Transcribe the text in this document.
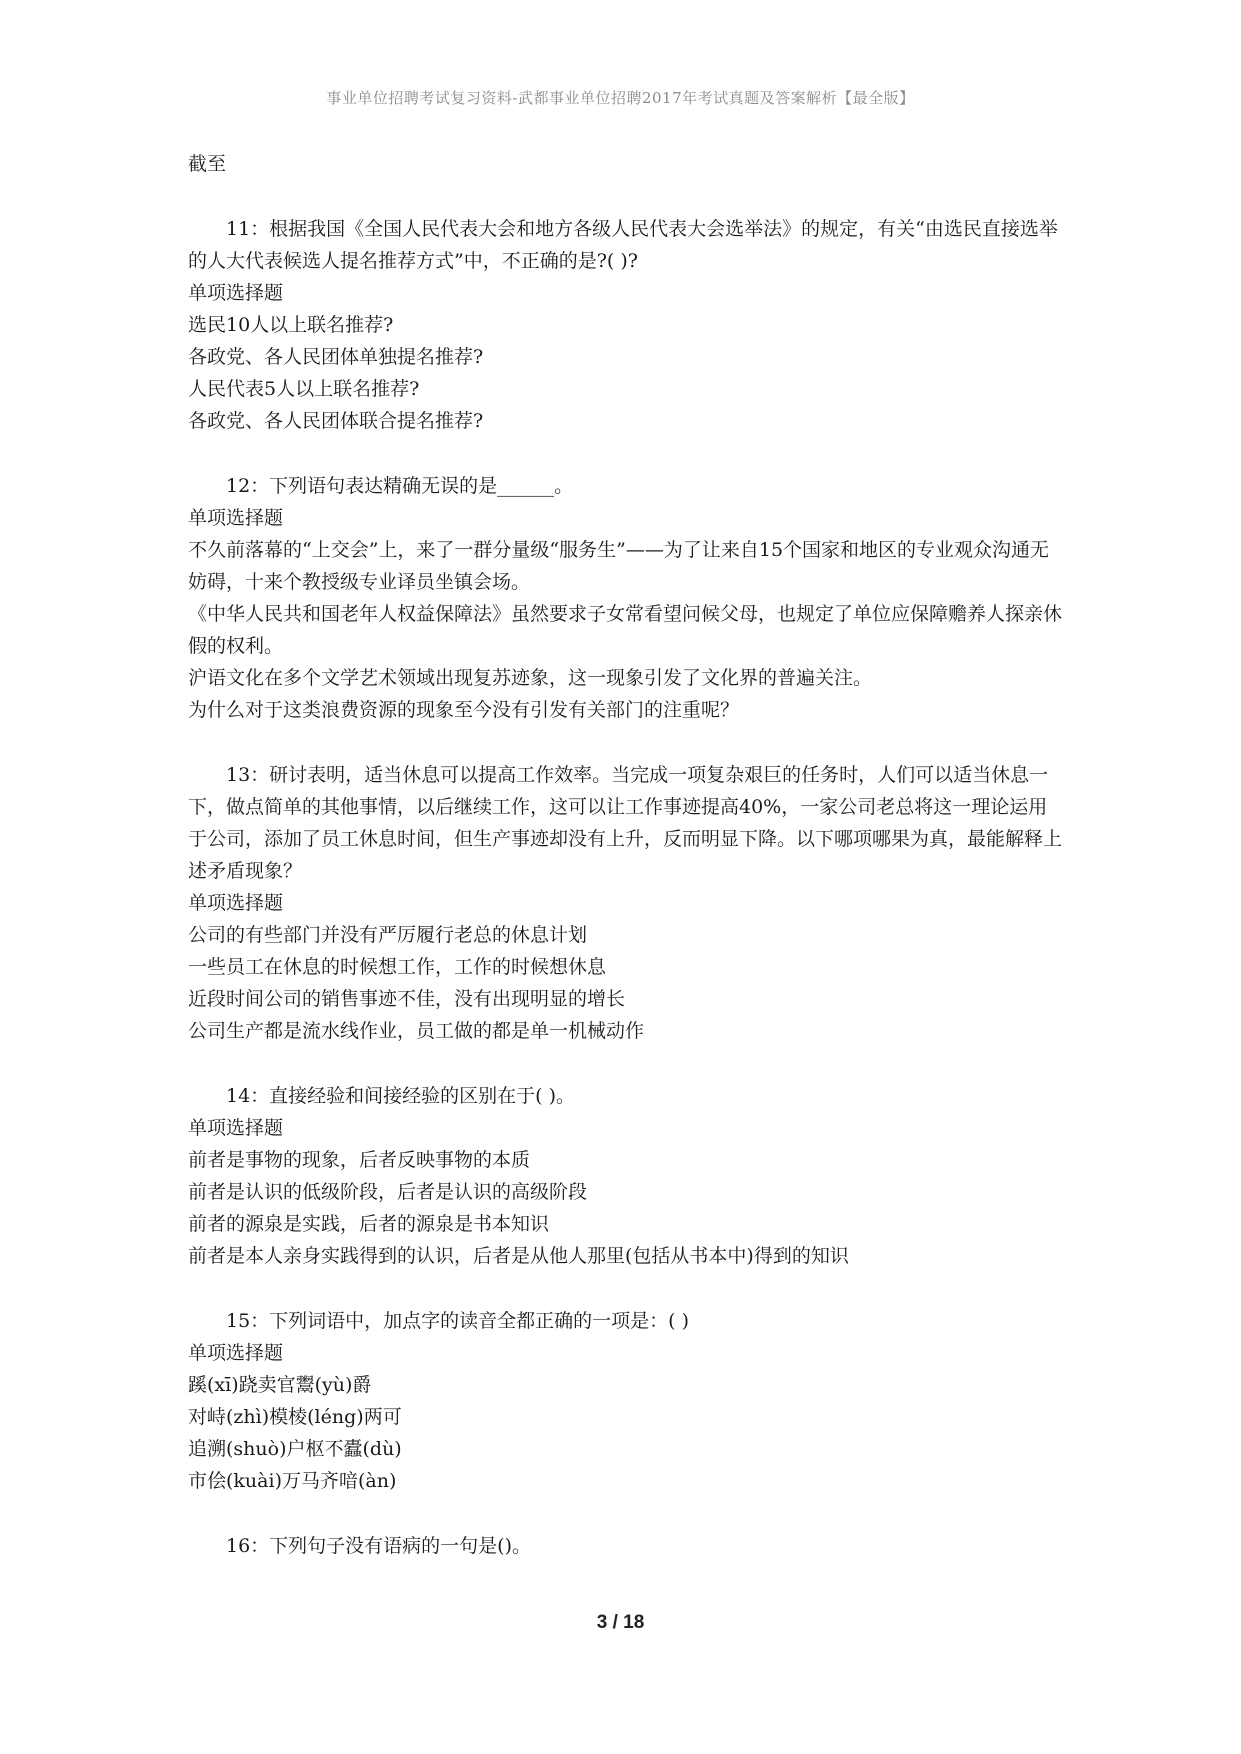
事业单位招聘考试复习资料-武都事业单位招聘2017年考试真题及答案解析【最全版】

截至

11：根据我国《全国人民代表大会和地方各级人民代表大会选举法》的规定，有关“由选民直接选举的人大代表候选人提名推荐方式”中，不正确的是?( )?

单项选择题

选民10人以上联名推荐?

各政党、各人民团体单独提名推荐?

人民代表5人以上联名推荐?

各政党、各人民团体联合提名推荐?

12：下列语句表达精确无误的是______。

单项选择题

不久前落幕的“上交会”上，来了一群分量级“服务生”——为了让来自15个国家和地区的专业观众沟通无妨碍，十来个教授级专业译员坐镇会场。

《中华人民共和国老年人权益保障法》虽然要求子女常看望问候父母，也规定了单位应保障赡养人探亲休假的权利。

沪语文化在多个文学艺术领域出现复苏迹象，这一现象引发了文化界的普遍关注。

为什么对于这类浪费资源的现象至今没有引发有关部门的注重呢？

13：研讨表明，适当休息可以提高工作效率。当完成一项复杂艰巨的任务时，人们可以适当休息一下，做点简单的其他事情，以后继续工作，这可以让工作事迹提高40%，一家公司老总将这一理论运用于公司，添加了员工休息时间，但生产事迹却没有上升，反而明显下降。以下哪项哪果为真，最能解释上述矛盾现象？

单项选择题

公司的有些部门并没有严厉履行老总的休息计划

一些员工在休息的时候想工作，工作的时候想休息

近段时间公司的销售事迹不佳，没有出现明显的增长

公司生产都是流水线作业，员工做的都是单一机械动作

14：直接经验和间接经验的区别在于( )。

单项选择题

前者是事物的现象，后者反映事物的本质

前者是认识的低级阶段，后者是认识的高级阶段

前者的源泉是实践，后者的源泉是书本知识

前者是本人亲身实践得到的认识，后者是从他人那里(包括从书本中)得到的知识

15：下列词语中，加点字的读音全都正确的一项是：( )

单项选择题

蹊(xī)跷卖官鬻(yù)爵

对峙(zhì)模棱(léng)两可

追溯(shuò)户枢不蠹(dù)

市侩(kuài)万马齐喑(àn)

16：下列句子没有语病的一句是()。

3 / 18
